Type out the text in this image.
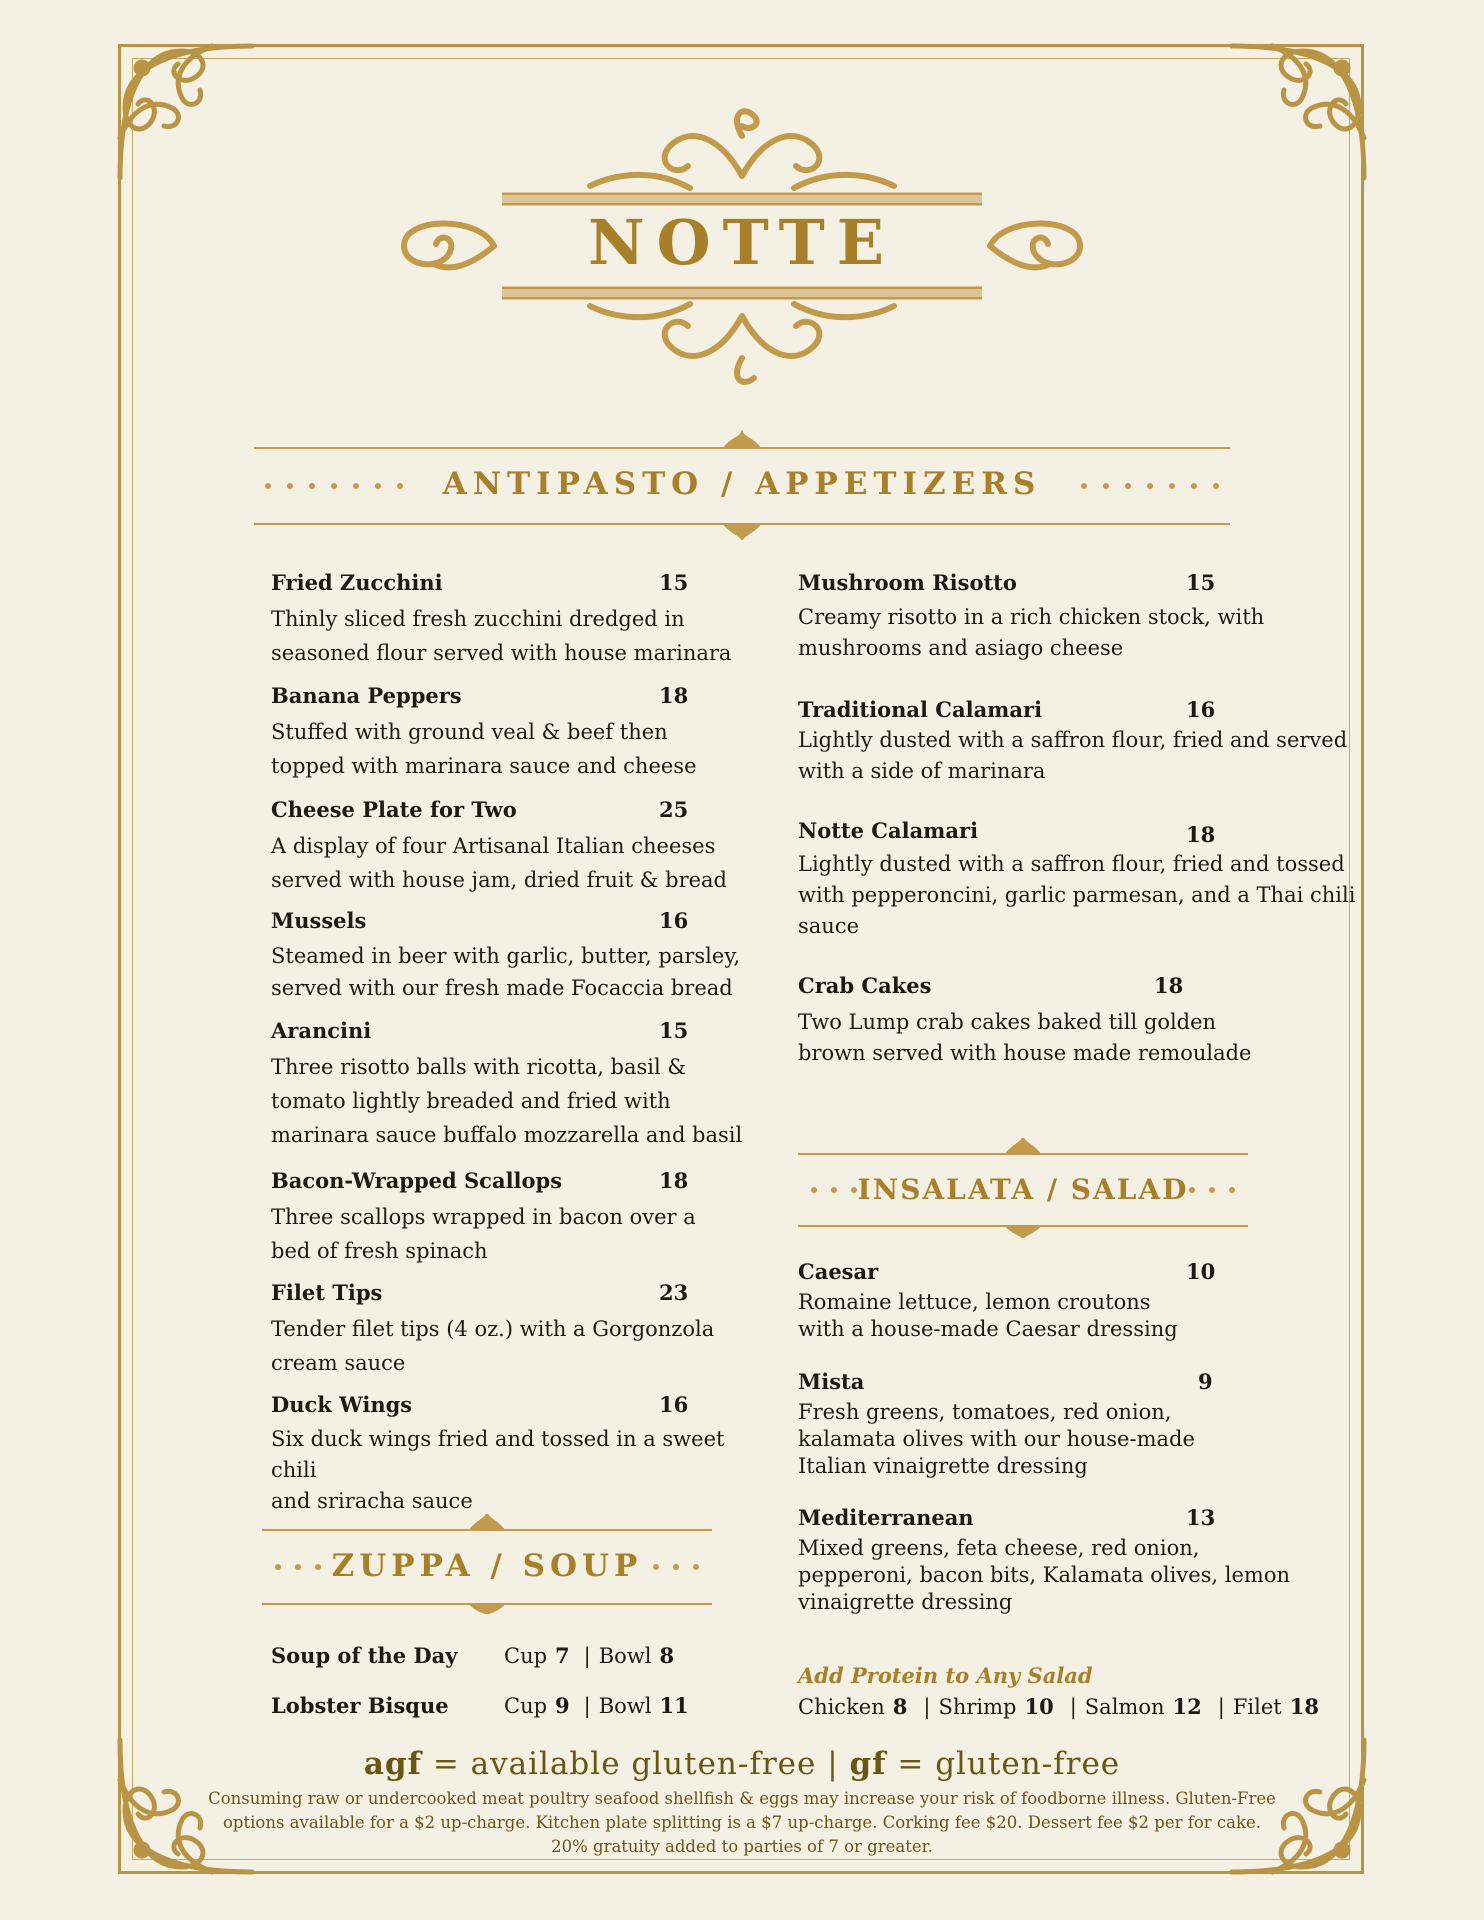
NOTTE
ANTIPASTO / APPETIZERS
Fried Zucchini	15
Thinly sliced fresh zucchini dredged in
seasoned flour served with house marinara
Banana Peppers	18
Stuffed with ground veal & beef then
topped with marinara sauce and cheese
Cheese Plate for Two	25
A display of four Artisanal Italian cheeses
served with house jam, dried fruit & bread
Mussels	16
Steamed in beer with garlic, butter, parsley,
served with our fresh made Focaccia bread
Arancini	15
Three risotto balls with ricotta, basil &
tomato lightly breaded and fried with
marinara sauce buffalo mozzarella and basil
Bacon-Wrapped Scallops	18
Three scallops wrapped in bacon over a
bed of fresh spinach
Filet Tips	23
Tender filet tips (4 oz.) with a Gorgonzola
cream sauce
Duck Wings	16
Six duck wings fried and tossed in a sweet chili
and sriracha sauce
Mushroom Risotto	15
Creamy risotto in a rich chicken stock, with
mushrooms and asiago cheese
Traditional Calamari	16
Lightly dusted with a saffron flour, fried and served
with a side of marinara
Notte Calamari	18
Lightly dusted with a saffron flour, fried and tossed
with pepperoncini, garlic parmesan, and a Thai chili
sauce
Crab Cakes	18
Two Lump crab cakes baked till golden
brown served with house made remoulade
ZUPPA / SOUP
Soup of the Day Cup 7 | Bowl 8
Lobster Bisque	Cup 9 | Bowl 11
INSALATA / SALAD
Caesar	10
Romaine lettuce, lemon croutons
with a house-made Caesar dressing
Mista	9
Fresh greens, tomatoes, red onion,
kalamata olives with our house-made
Italian vinaigrette dressing
Mediterranean	13
Mixed greens, feta cheese, red onion,
pepperoni, bacon bits, Kalamata olives, lemon
vinaigrette dressing
Add Protein to Any Salad
Chicken 8 | Shrimp 10 | Salmon 12 | Filet 18
agf = available gluten-free | gf = gluten-free
Consuming raw or undercooked meat poultry seafood shellfish & eggs may increase your risk of foodborne illness. Gluten-Free
options available for a $2 up-charge. Kitchen plate splitting is a $7 up-charge. Corking fee $20. Dessert fee $2 per for cake.
20% gratuity added to parties of 7 or greater.
